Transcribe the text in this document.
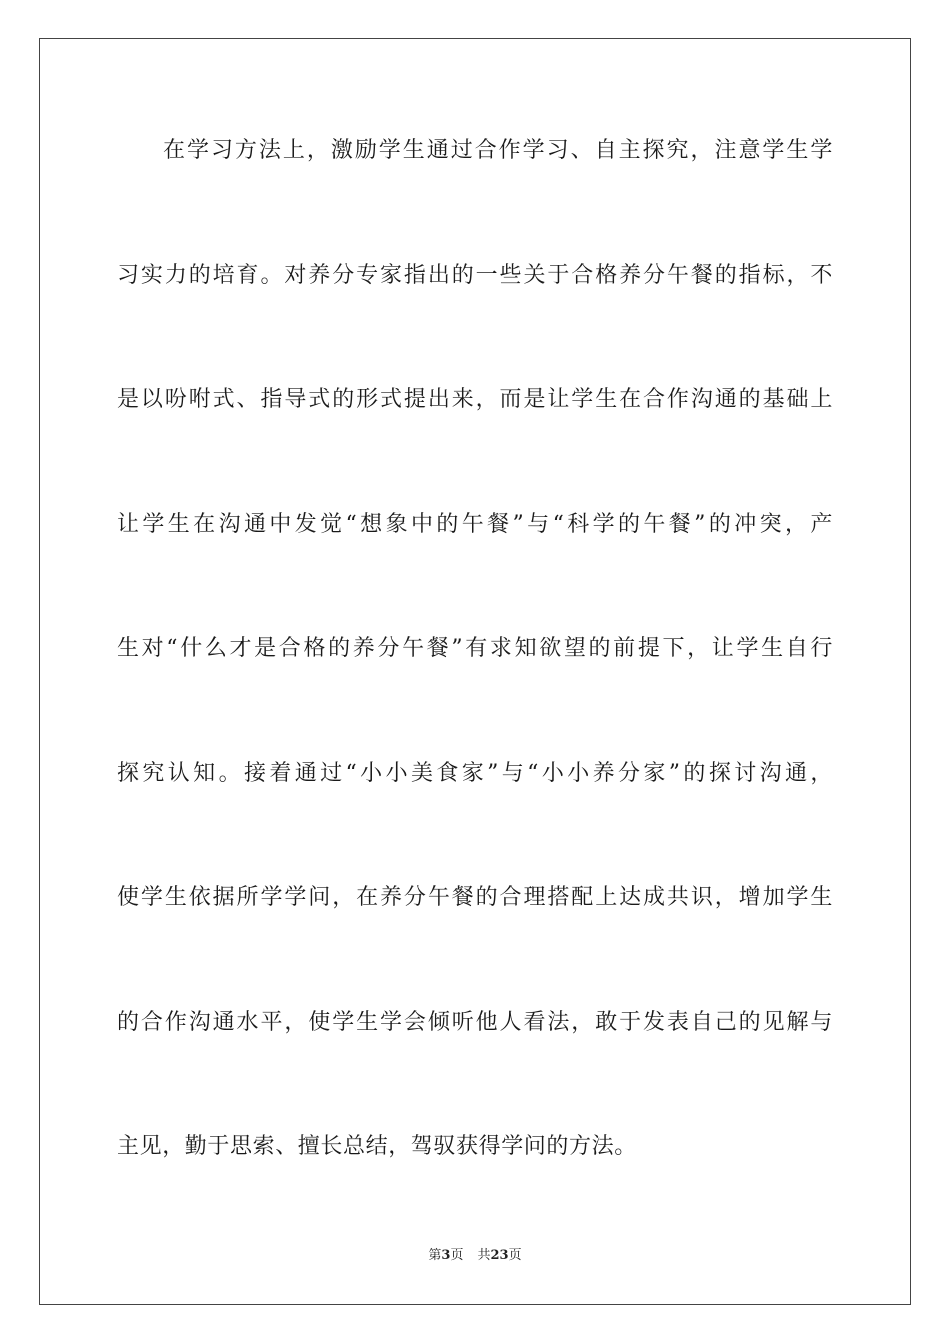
在学习方法上，激励学生通过合作学习、自主探究，注意学生学
习实力的培育。对养分专家指出的一些关于合格养分午餐的指标，不
是以吩咐式、指导式的形式提出来，而是让学生在合作沟通的基础上
让学生在沟通中发觉“想象中的午餐”与“科学的午餐”的冲突，产
生对“什么才是合格的养分午餐”有求知欲望的前提下，让学生自行
探究认知。接着通过“小小美食家”与“小小养分家”的探讨沟通，
使学生依据所学学问，在养分午餐的合理搭配上达成共识，增加学生
的合作沟通水平，使学生学会倾听他人看法，敢于发表自己的见解与
主见，勤于思索、擅长总结，驾驭获得学问的方法。
第3页 共23页
